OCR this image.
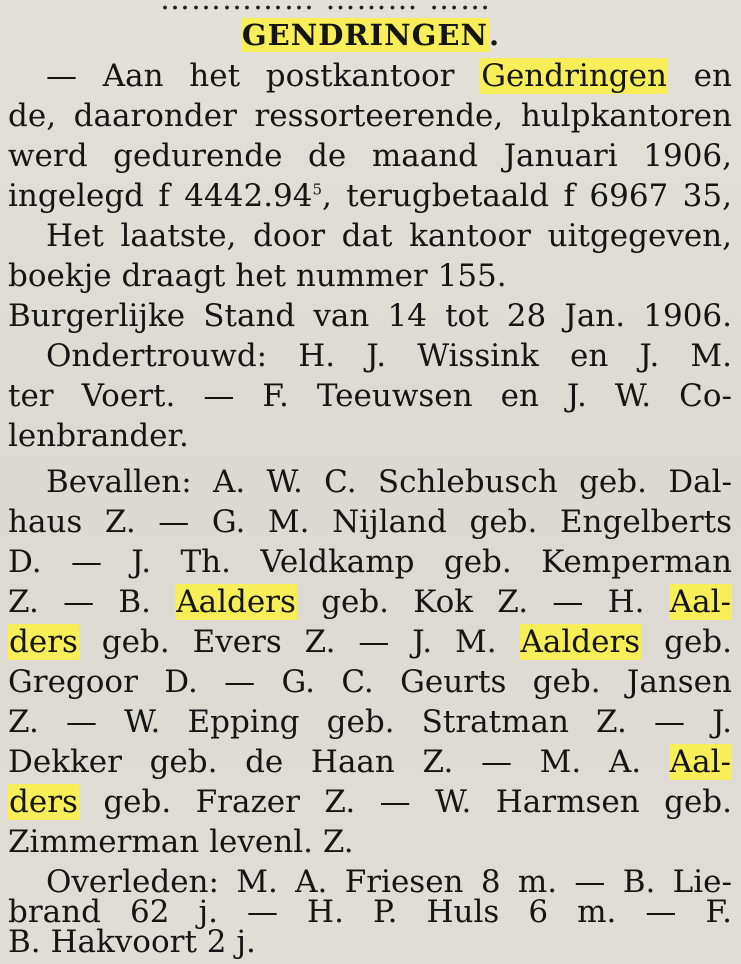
GENDRINGEN.
— Aan het postkantoor Gendringen en
de, daaronder ressorteerende, hulpkantoren
werd gedurende de maand Januari 1906,
ingelegd f 4442.94$^5$, terugbetaald f 6967 35,
Het laatste, door dat kantoor uitgegeven,
boekje draagt het nummer 155.
Burgerlijke Stand van 14 tot 28 Jan. 1906.
Ondertrouwd: H. J. Wissink en J. M.
ter Voert. — F. Teeuwsen en J. W. Co-
lenbrander.
Bevallen: A. W. C. Schlebusch geb. Dal-
haus Z. — G. M. Nijland geb. Engelberts
D. — J. Th. Veldkamp geb. Kemperman
Z. — B. Aalders geb. Kok Z. — H. Aal-
ders geb. Evers Z. — J. M. Aalders geb.
Gregoor D. — G. C. Geurts geb. Jansen
Z. — W. Epping geb. Stratman Z. — J.
Dekker geb. de Haan Z. — M. A. Aal-
ders geb. Frazer Z. — W. Harmsen geb.
Zimmerman levenl. Z.
Overleden: M. A. Friesen 8 m. — B. Lie-
brand 62 j. — H. P. Huls 6 m. — F.
B. Hakvoort 2 j.
